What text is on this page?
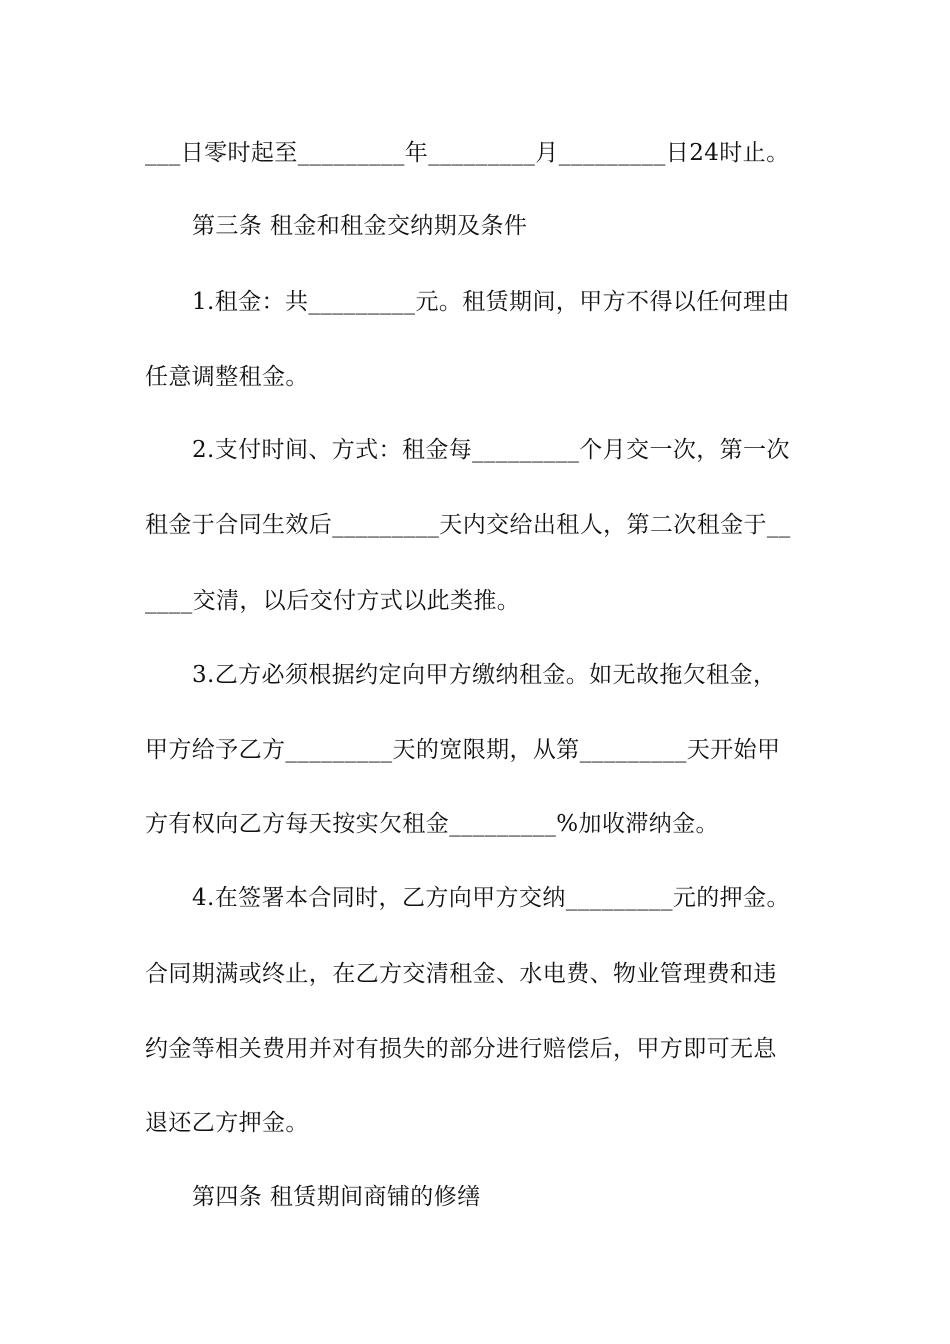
___日零时起至_________年_________月_________日24时止。
第三条 租金和租金交纳期及条件
1.租金：共_________元。租赁期间，甲方不得以任何理由
任意调整租金。
2.支付时间、方式：租金每_________个月交一次，第一次
租金于合同生效后_________天内交给出租人，第二次租金于__
____交清，以后交付方式以此类推。
3.乙方必须根据约定向甲方缴纳租金。如无故拖欠租金，
甲方给予乙方_________天的宽限期，从第_________天开始甲
方有权向乙方每天按实欠租金_________%加收滞纳金。
4.在签署本合同时，乙方向甲方交纳_________元的押金。
合同期满或终止，在乙方交清租金、水电费、物业管理费和违
约金等相关费用并对有损失的部分进行赔偿后，甲方即可无息
退还乙方押金。
第四条 租赁期间商铺的修缮
